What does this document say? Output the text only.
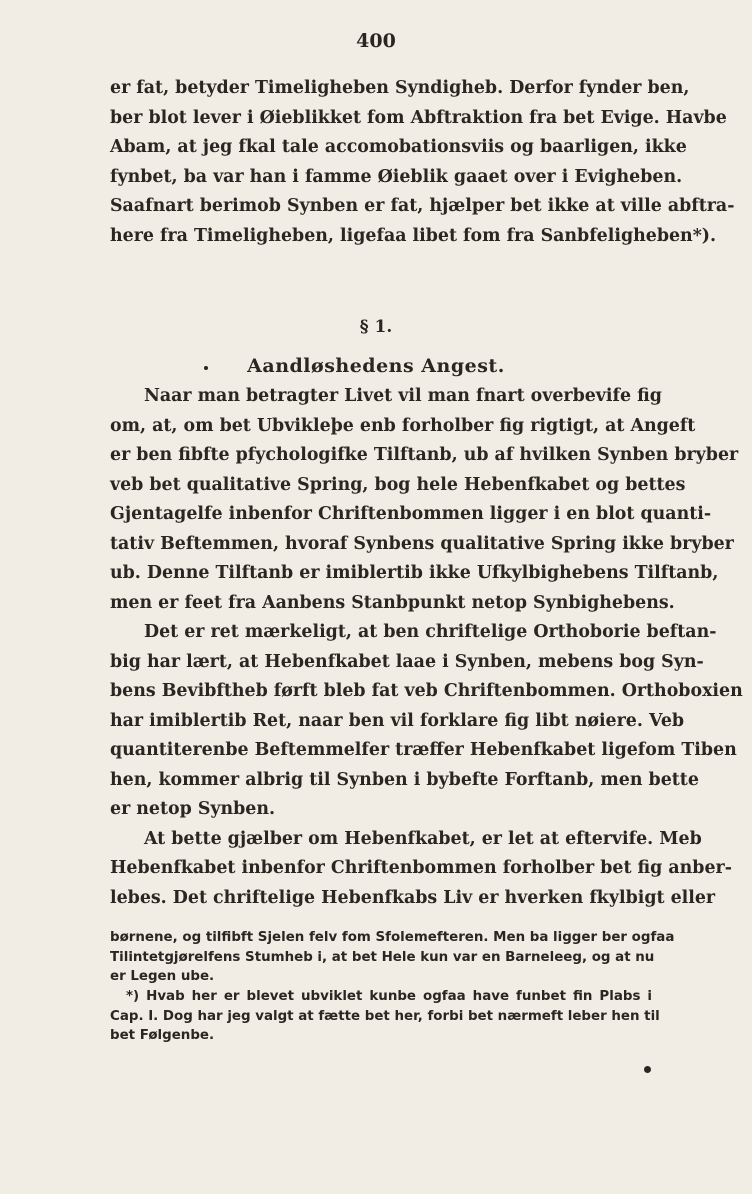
400
er fat, betyder Timeligheben Syndigheb. Derfor fynder ben,
ber blot lever i Øieblikket fom Abftraktion fra bet Evige. Havbe
Abam, at jeg fkal tale accomobationsviis og baarligen, ikke
fynbet, ba var han i famme Øieblik gaaet over i Evigheben.
Saafnart berimob Synben er fat, hjælper bet ikke at ville abftra-
here fra Timeligheben, ligefaa libet fom fra Sanbfeligheben*).
§ 1.
Aandløshedens Angest.
Naar man betragter Livet vil man fnart overbevife fig
om, at, om bet Ubvikleþe enb forholber fig rigtigt, at Angeft
er ben fibfte pfychologifke Tilftanb, ub af hvilken Synben bryber
veb bet qualitative Spring, bog hele Hebenfkabet og bettes
Gjentagelfe inbenfor Chriftenbommen ligger i en blot quanti-
tativ Beftemmen, hvoraf Synbens qualitative Spring ikke bryber
ub. Denne Tilftanb er imiblertib ikke Ufkylbighebens Tilftanb,
men er feet fra Aanbens Stanbpunkt netop Synbighebens.
Det er ret mærkeligt, at ben chriftelige Orthoborie beftan-
big har lært, at Hebenfkabet laae i Synben, mebens bog Syn-
bens Bevibfthеb førft bleb fat veb Chriftenbommen. Orthoboxien
har imiblertib Ret, naar ben vil forklare fig libt nøiere. Veb
quantiterenbe Beftemmelfer træffer Hebenfkabet ligefom Tiben
hen, kommer albrig til Synben i bybefte Forftanb, men bette
er netop Synben.
At bette gjælber om Hebenfkabet, er let at eftervife. Meb
Hebenfkabet inbenfor Chriftenbommen forholber bet fig anber-
lebes. Det chriftelige Hebenfkabs Liv er hverken fkylbigt eller
børnene, og tilfibft Sjelen felv fom Sfolemefteren. Men ba ligger ber ogfaa
Tilintetgjørelfens Stumheb i, at bet Hele kun var en Barneleeg, og at nu
er Legen ube.
*) Hvab her er blevet ubviklet kunbe ogfaa have funbet fin Plabs i
Cap. I. Dog har jeg valgt at fætte bet her, forbi bet nærmeft leber hen til
bet Følgenbe.
